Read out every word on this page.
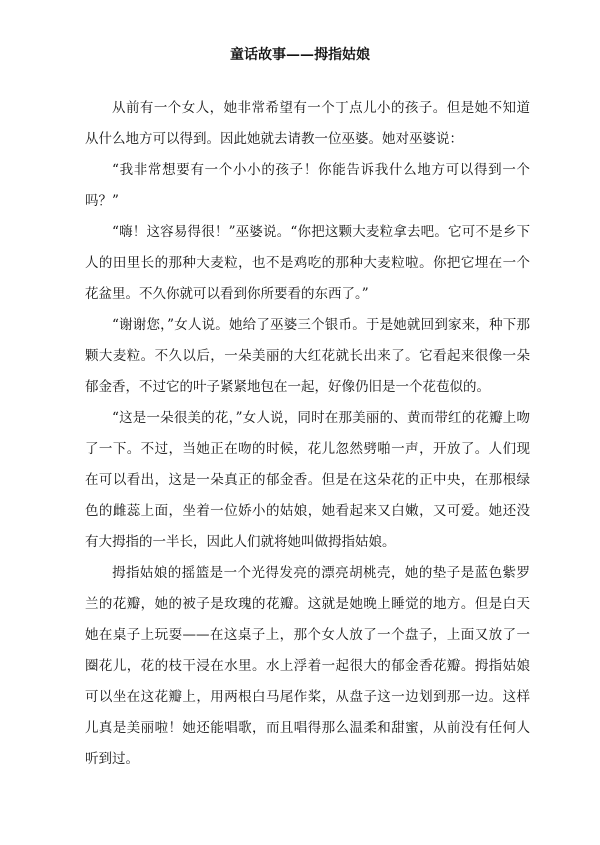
童话故事——拇指姑娘

从前有一个女人，她非常希望有一个丁点儿小的孩子。但是她不知道从什么地方可以得到。因此她就去请教一位巫婆。她对巫婆说：

“我非常想要有一个小小的孩子！你能告诉我什么地方可以得到一个吗？”

“嗨！这容易得很！”巫婆说。“你把这颗大麦粒拿去吧。它可不是乡下人的田里长的那种大麦粒，也不是鸡吃的那种大麦粒啦。你把它埋在一个花盆里。不久你就可以看到你所要看的东西了。”

“谢谢您，”女人说。她给了巫婆三个银币。于是她就回到家来，种下那颗大麦粒。不久以后，一朵美丽的大红花就长出来了。它看起来很像一朵郁金香，不过它的叶子紧紧地包在一起，好像仍旧是一个花苞似的。

“这是一朵很美的花，”女人说，同时在那美丽的、黄而带红的花瓣上吻了一下。不过，当她正在吻的时候，花儿忽然劈啪一声，开放了。人们现在可以看出，这是一朵真正的郁金香。但是在这朵花的正中央，在那根绿色的雌蕊上面，坐着一位娇小的姑娘，她看起来又白嫩，又可爱。她还没有大拇指的一半长，因此人们就将她叫做拇指姑娘。

拇指姑娘的摇篮是一个光得发亮的漂亮胡桃壳，她的垫子是蓝色紫罗兰的花瓣，她的被子是玫瑰的花瓣。这就是她晚上睡觉的地方。但是白天她在桌子上玩耍——在这桌子上，那个女人放了一个盘子，上面又放了一圈花儿，花的枝干浸在水里。水上浮着一起很大的郁金香花瓣。拇指姑娘可以坐在这花瓣上，用两根白马尾作桨，从盘子这一边划到那一边。这样儿真是美丽啦！她还能唱歌，而且唱得那么温柔和甜蜜，从前没有任何人听到过。
